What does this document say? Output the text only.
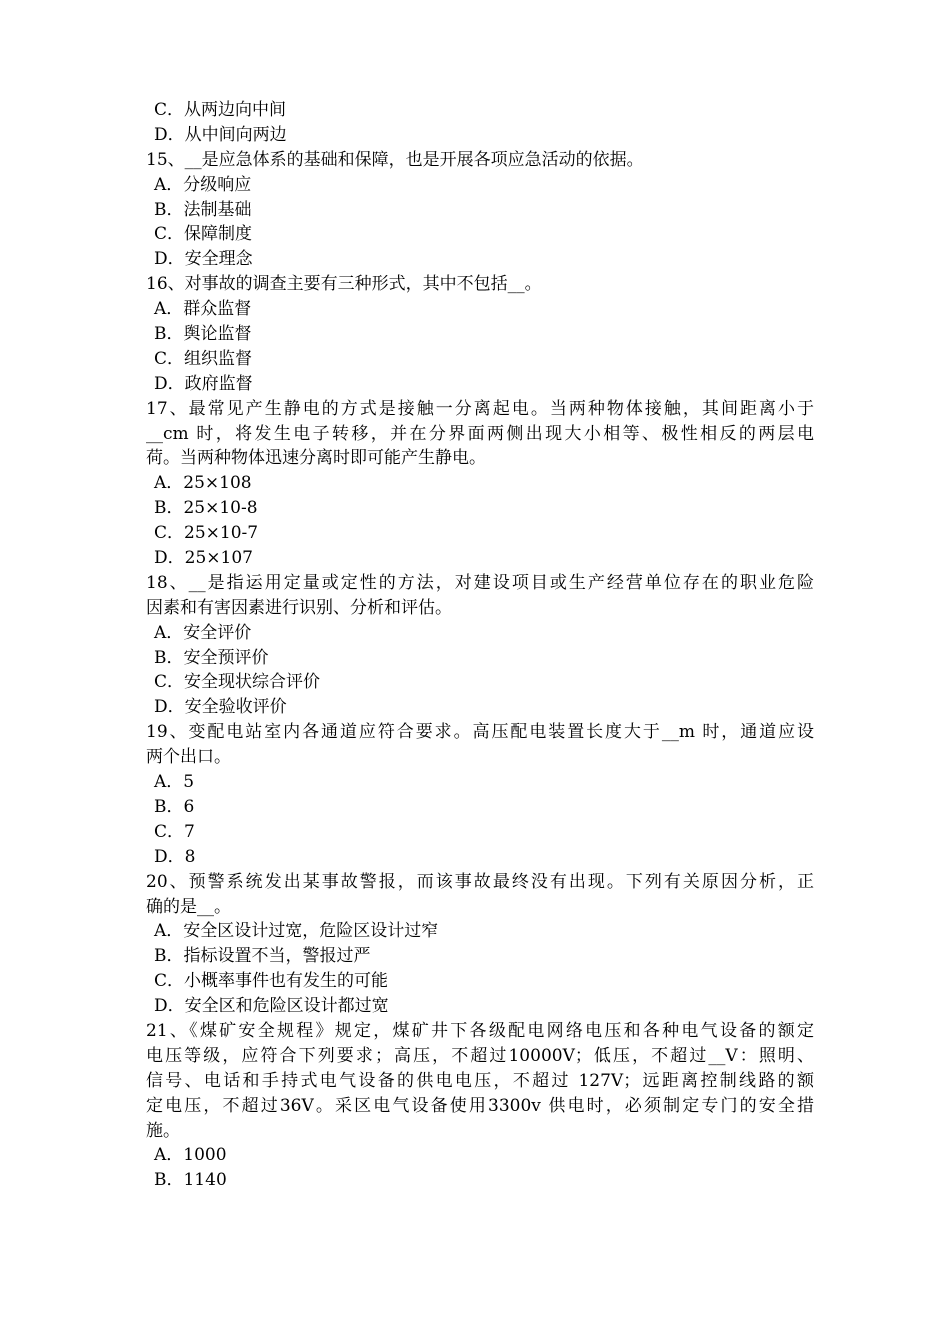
C．从两边向中间
D．从中间向两边
15、__是应急体系的基础和保障，也是开展各项应急活动的依据。
A．分级响应
B．法制基础
C．保障制度
D．安全理念
16、对事故的调查主要有三种形式，其中不包括__。
A．群众监督
B．舆论监督
C．组织监督
D．政府监督
17、最常见产生静电的方式是接触一分离起电。当两种物体接触，其间距离小于
__cm 时，将发生电子转移，并在分界面两侧出现大小相等、极性相反的两层电
荷。当两种物体迅速分离时即可能产生静电。
A．25×108
B．25×10-8
C．25×10-7
D．25×107
18、__是指运用定量或定性的方法，对建设项目或生产经营单位存在的职业危险
因素和有害因素进行识别、分析和评估。
A．安全评价
B．安全预评价
C．安全现状综合评价
D．安全验收评价
19、变配电站室内各通道应符合要求。高压配电装置长度大于__m 时，通道应设
两个出口。
A．5
B．6
C．7
D．8
20、预警系统发出某事故警报，而该事故最终没有出现。下列有关原因分析，正
确的是__。
A．安全区设计过宽，危险区设计过窄
B．指标设置不当，警报过严
C．小概率事件也有发生的可能
D．安全区和危险区设计都过宽
21、《煤矿安全规程》规定，煤矿井下各级配电网络电压和各种电气设备的额定
电压等级，应符合下列要求；高压，不超过10000V；低压，不超过__V：照明、
信号、电话和手持式电气设备的供电电压，不超过 127V；远距离控制线路的额
定电压，不超过36V。采区电气设备使用3300v 供电时，必须制定专门的安全措
施。
A．1000
B．1140
